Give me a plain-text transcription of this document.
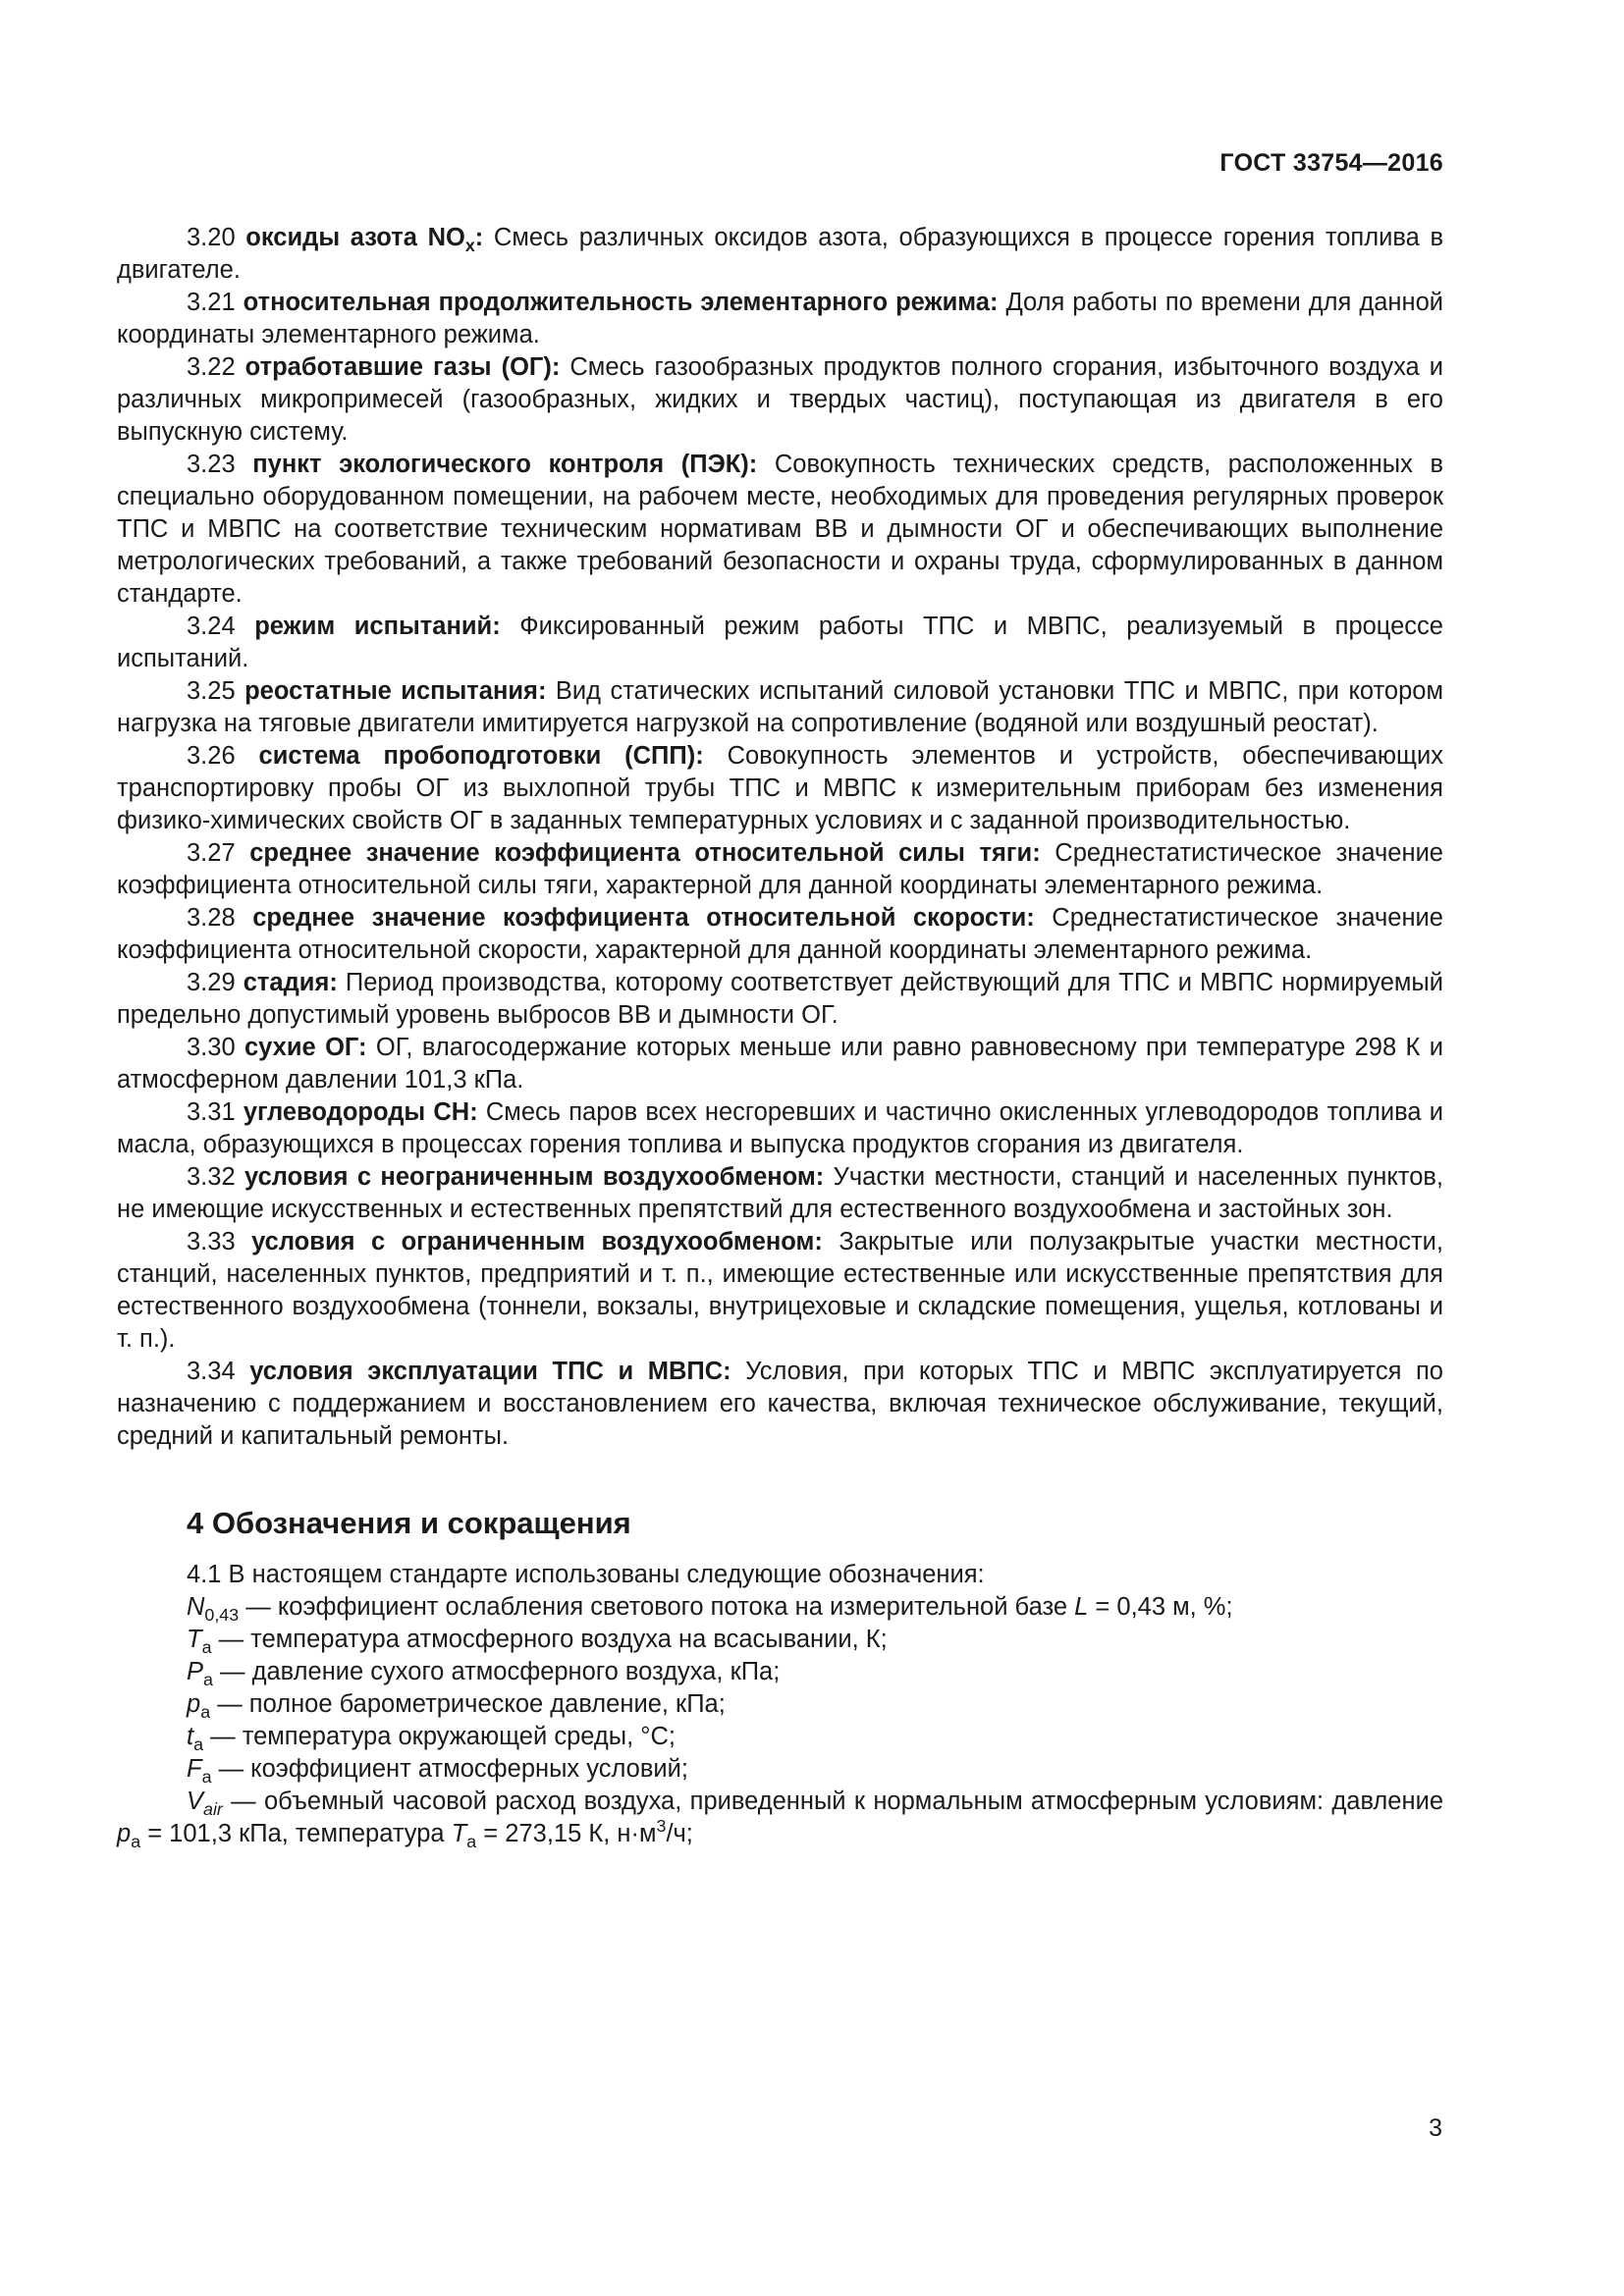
ГОСТ 33754—2016

3.20 оксиды азота $NO_x$: Смесь различных оксидов азота, образующихся в процессе горения топлива в двигателе.

3.21 относительная продолжительность элементарного режима: Доля работы по времени для данной координаты элементарного режима.

3.22 отработавшие газы (ОГ): Смесь газообразных продуктов полного сгорания, избыточного воздуха и различных микропримесей (газообразных, жидких и твердых частиц), поступающая из двигателя в его выпускную систему.

3.23 пункт экологического контроля (ПЭК): Совокупность технических средств, расположенных в специально оборудованном помещении, на рабочем месте, необходимых для проведения регулярных проверок ТПС и МВПС на соответствие техническим нормативам ВВ и дымности ОГ и обеспечивающих выполнение метрологических требований, а также требований безопасности и охраны труда, сформулированных в данном стандарте.

3.24 режим испытаний: Фиксированный режим работы ТПС и МВПС, реализуемый в процессе испытаний.

3.25 реостатные испытания: Вид статических испытаний силовой установки ТПС и МВПС, при котором нагрузка на тяговые двигатели имитируется нагрузкой на сопротивление (водяной или воздушный реостат).

3.26 система пробоподготовки (СПП): Совокупность элементов и устройств, обеспечивающих транспортировку пробы ОГ из выхлопной трубы ТПС и МВПС к измерительным приборам без изменения физико-химических свойств ОГ в заданных температурных условиях и с заданной производительностью.

3.27 среднее значение коэффициента относительной силы тяги: Среднестатистическое значение коэффициента относительной силы тяги, характерной для данной координаты элементарного режима.

3.28 среднее значение коэффициента относительной скорости: Среднестатистическое значение коэффициента относительной скорости, характерной для данной координаты элементарного режима.

3.29 стадия: Период производства, которому соответствует действующий для ТПС и МВПС нормируемый предельно допустимый уровень выбросов ВВ и дымности ОГ.

3.30 сухие ОГ: ОГ, влагосодержание которых меньше или равно равновесному при температуре 298 К и атмосферном давлении 101,3 кПа.

3.31 углеводороды СН: Смесь паров всех несгоревших и частично окисленных углеводородов топлива и масла, образующихся в процессах горения топлива и выпуска продуктов сгорания из двигателя.

3.32 условия с неограниченным воздухообменом: Участки местности, станций и населенных пунктов, не имеющие искусственных и естественных препятствий для естественного воздухообмена и застойных зон.

3.33 условия с ограниченным воздухообменом: Закрытые или полузакрытые участки местности, станций, населенных пунктов, предприятий и т. п., имеющие естественные или искусственные препятствия для естественного воздухообмена (тоннели, вокзалы, внутрицеховые и складские помещения, ущелья, котлованы и т. п.).

3.34 условия эксплуатации ТПС и МВПС: Условия, при которых ТПС и МВПС эксплуатируется по назначению с поддержанием и восстановлением его качества, включая техническое обслуживание, текущий, средний и капитальный ремонты.

4 Обозначения и сокращения

4.1 В настоящем стандарте использованы следующие обозначения:

$N_{0,43}$ — коэффициент ослабления светового потока на измерительной базе L = 0,43 м, %;

$T_a$ — температура атмосферного воздуха на всасывании, К;

$P_a$ — давление сухого атмосферного воздуха, кПа;

$p_a$ — полное барометрическое давление, кПа;

$t_a$ — температура окружающей среды, °С;

$F_a$ — коэффициент атмосферных условий;

$V_{air}$ — объемный часовой расход воздуха, приведенный к нормальным атмосферным условиям: давление $p_a = 101,3$ кПа, температура $T_a = 273,15$ К, $н\cdot м^3/ч$;

3
